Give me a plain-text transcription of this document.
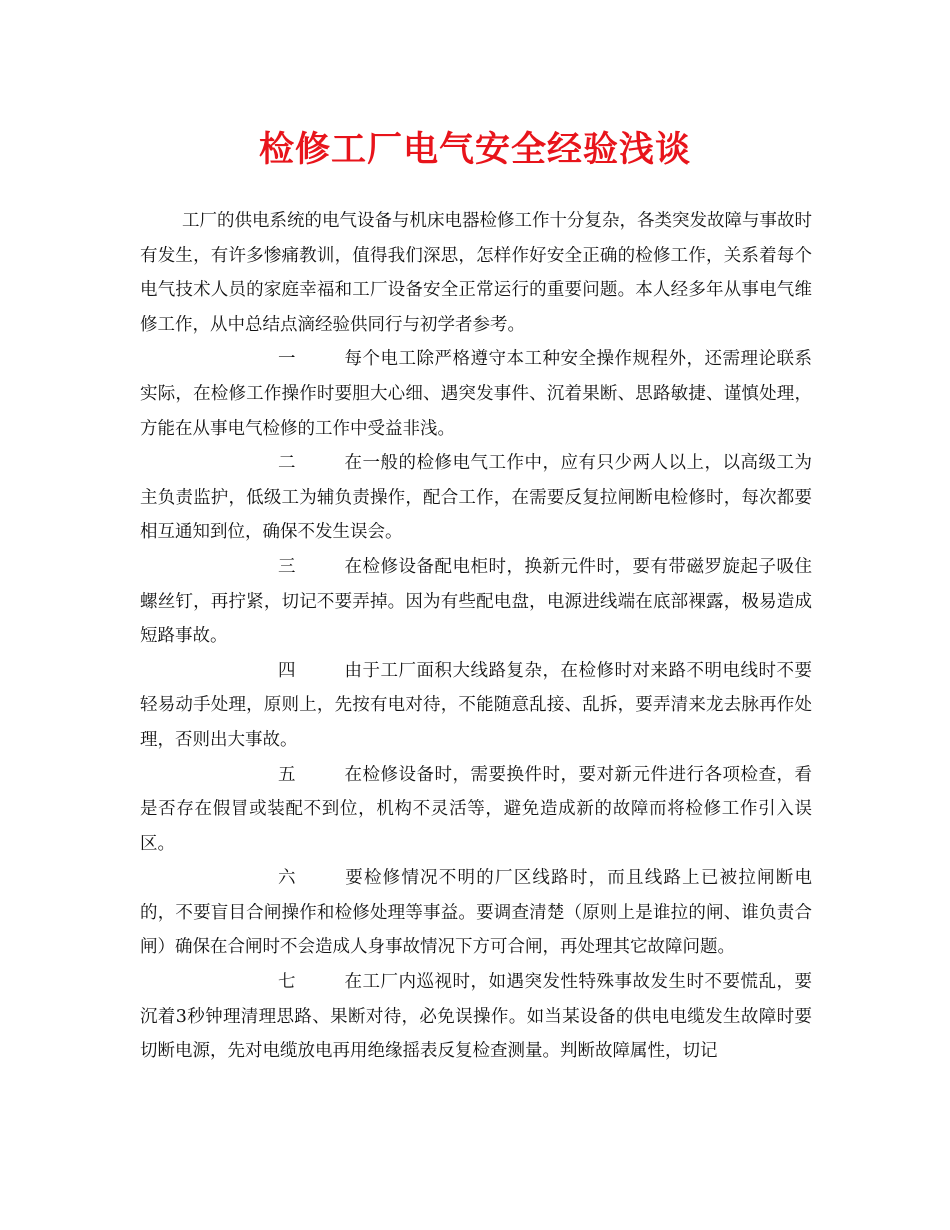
检修工厂电气安全经验浅谈

工厂的供电系统的电气设备与机床电器检修工作十分复杂，各类突发故障与事故时有发生，有许多惨痛教训，值得我们深思，怎样作好安全正确的检修工作，关系着每个电气技术人员的家庭幸福和工厂设备安全正常运行的重要问题。本人经多年从事电气维修工作，从中总结点滴经验供同行与初学者参考。

一	每个电工除严格遵守本工种安全操作规程外，还需理论联系实际，在检修工作操作时要胆大心细、遇突发事件、沉着果断、思路敏捷、谨慎处理，方能在从事电气检修的工作中受益非浅。

二	在一般的检修电气工作中，应有只少两人以上，以高级工为主负责监护，低级工为辅负责操作，配合工作，在需要反复拉闸断电检修时，每次都要相互通知到位，确保不发生误会。

三	在检修设备配电柜时，换新元件时，要有带磁罗旋起子吸住螺丝钉，再拧紧，切记不要弄掉。因为有些配电盘，电源进线端在底部裸露，极易造成短路事故。

四	由于工厂面积大线路复杂，在检修时对来路不明电线时不要轻易动手处理，原则上，先按有电对待，不能随意乱接、乱拆，要弄清来龙去脉再作处理，否则出大事故。

五	在检修设备时，需要换件时，要对新元件进行各项检查，看是否存在假冒或装配不到位，机构不灵活等，避免造成新的故障而将检修工作引入误区。

六	要检修情况不明的厂区线路时，而且线路上已被拉闸断电的，不要盲目合闸操作和检修处理等事益。要调查清楚（原则上是谁拉的闸、谁负责合闸）确保在合闸时不会造成人身事故情况下方可合闸，再处理其它故障问题。

七	在工厂内巡视时，如遇突发性特殊事故发生时不要慌乱，要沉着3秒钟理清理思路、果断对待，必免误操作。如当某设备的供电电缆发生故障时要切断电源，先对电缆放电再用绝缘摇表反复检查测量。判断故障属性，切记
